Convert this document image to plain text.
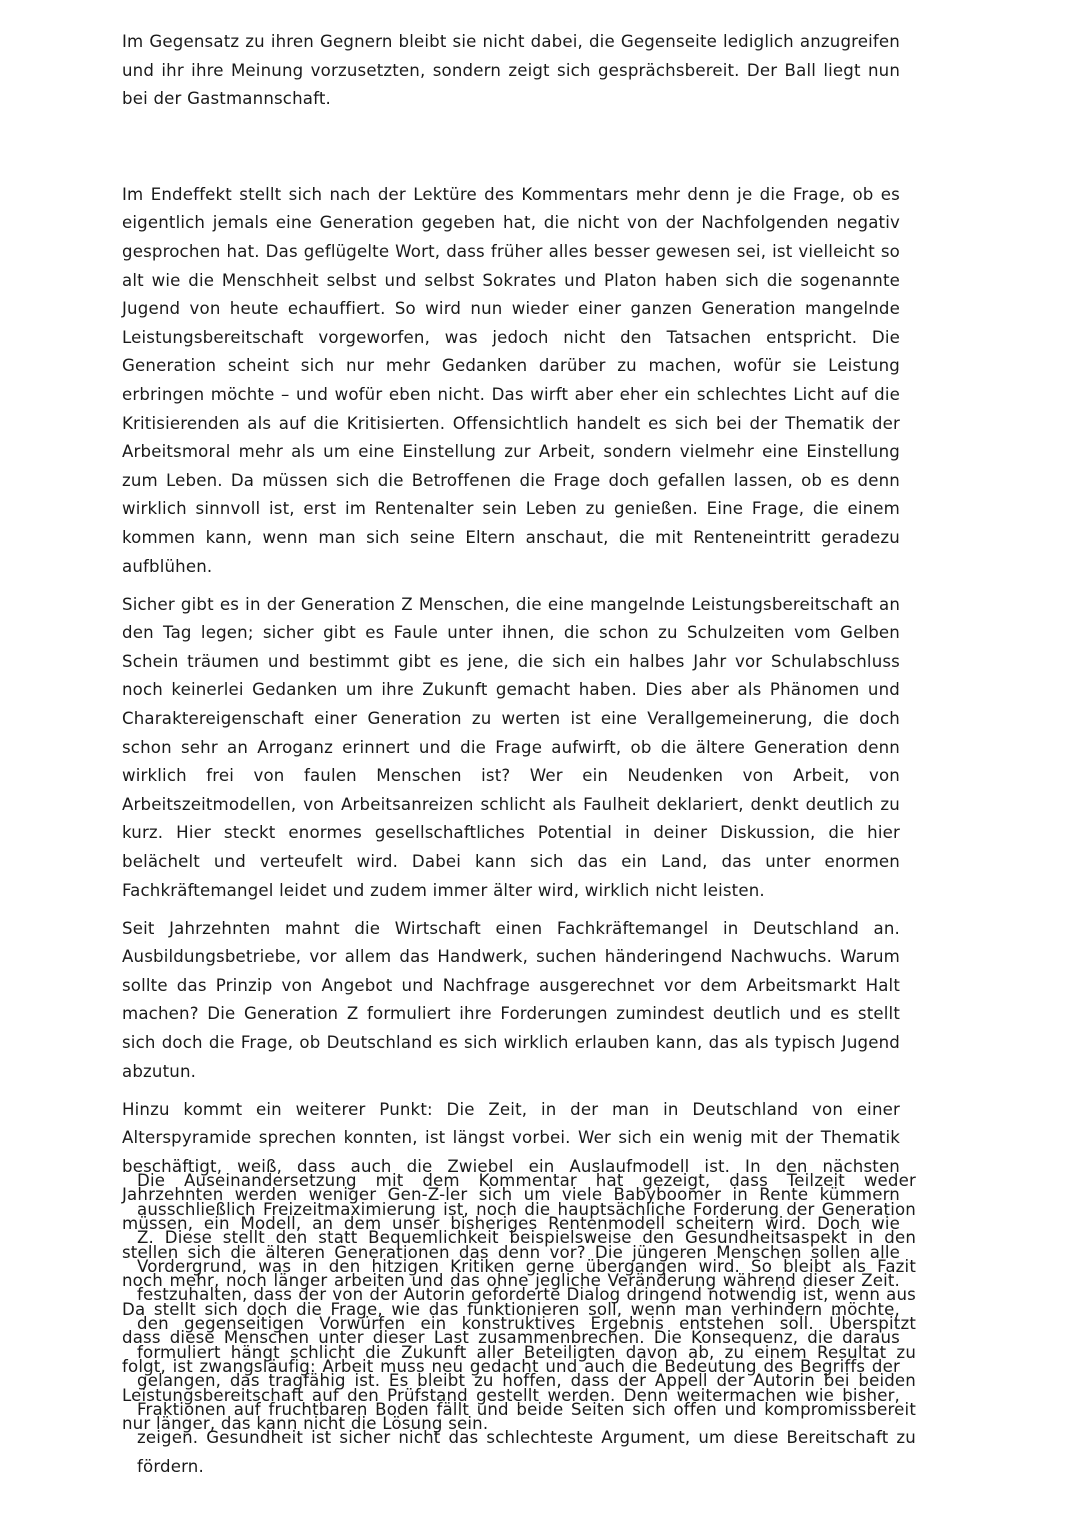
Im Gegensatz zu ihren Gegnern bleibt sie nicht dabei, die Gegenseite lediglich anzugreifen und ihr ihre Meinung vorzusetzten, sondern zeigt sich gesprächsbereit. Der Ball liegt nun bei der Gastmannschaft.

Im Endeffekt stellt sich nach der Lektüre des Kommentars mehr denn je die Frage, ob es eigentlich jemals eine Generation gegeben hat, die nicht von der Nachfolgenden negativ gesprochen hat. Das geflügelte Wort, dass früher alles besser gewesen sei, ist vielleicht so alt wie die Menschheit selbst und selbst Sokrates und Platon haben sich die sogenannte Jugend von heute echauffiert. So wird nun wieder einer ganzen Generation mangelnde Leistungsbereitschaft vorgeworfen, was jedoch nicht den Tatsachen entspricht. Die Generation scheint sich nur mehr Gedanken darüber zu machen, wofür sie Leistung erbringen möchte – und wofür eben nicht. Das wirft aber eher ein schlechtes Licht auf die Kritisierenden als auf die Kritisierten. Offensichtlich handelt es sich bei der Thematik der Arbeitsmoral mehr als um eine Einstellung zur Arbeit, sondern vielmehr eine Einstellung zum Leben. Da müssen sich die Betroffenen die Frage doch gefallen lassen, ob es denn wirklich sinnvoll ist, erst im Rentenalter sein Leben zu genießen. Eine Frage, die einem kommen kann, wenn man sich seine Eltern anschaut, die mit Renteneintritt geradezu aufblühen.

Sicher gibt es in der Generation Z Menschen, die eine mangelnde Leistungsbereitschaft an den Tag legen; sicher gibt es Faule unter ihnen, die schon zu Schulzeiten vom Gelben Schein träumen und bestimmt gibt es jene, die sich ein halbes Jahr vor Schulabschluss noch keinerlei Gedanken um ihre Zukunft gemacht haben. Dies aber als Phänomen und Charaktereigenschaft einer Generation zu werten ist eine Verallgemeinerung, die doch schon sehr an Arroganz erinnert und die Frage aufwirft, ob die ältere Generation denn wirklich frei von faulen Menschen ist? Wer ein Neudenken von Arbeit, von Arbeitszeitmodellen, von Arbeitsanreizen schlicht als Faulheit deklariert, denkt deutlich zu kurz. Hier steckt enormes gesellschaftliches Potential in deiner Diskussion, die hier belächelt und verteufelt wird. Dabei kann sich das ein Land, das unter enormen Fachkräftemangel leidet und zudem immer älter wird, wirklich nicht leisten.

Seit Jahrzehnten mahnt die Wirtschaft einen Fachkräftemangel in Deutschland an. Ausbildungsbetriebe, vor allem das Handwerk, suchen händeringend Nachwuchs. Warum sollte das Prinzip von Angebot und Nachfrage ausgerechnet vor dem Arbeitsmarkt Halt machen? Die Generation Z formuliert ihre Forderungen zumindest deutlich und es stellt sich doch die Frage, ob Deutschland es sich wirklich erlauben kann, das als typisch Jugend abzutun.

Hinzu kommt ein weiterer Punkt: Die Zeit, in der man in Deutschland von einer Alterspyramide sprechen konnten, ist längst vorbei. Wer sich ein wenig mit der Thematik beschäftigt, weiß, dass auch die Zwiebel ein Auslaufmodell ist. In den nächsten Jahrzehnten werden weniger Gen-Z-ler sich um viele Babyboomer in Rente kümmern müssen, ein Modell, an dem unser bisheriges Rentenmodell scheitern wird. Doch wie stellen sich die älteren Generationen das denn vor? Die jüngeren Menschen sollen alle noch mehr, noch länger arbeiten und das ohne jegliche Veränderung während dieser Zeit. Da stellt sich doch die Frage, wie das funktionieren soll, wenn man verhindern möchte, dass diese Menschen unter dieser Last zusammenbrechen. Die Konsequenz, die daraus folgt, ist zwangsläufig: Arbeit muss neu gedacht und auch die Bedeutung des Begriffs der Leistungsbereitschaft auf den Prüfstand gestellt werden. Denn weitermachen wie bisher, nur länger, das kann nicht die Lösung sein.

Die Auseinandersetzung mit dem Kommentar hat gezeigt, dass Teilzeit weder ausschließlich Freizeitmaximierung ist, noch die hauptsächliche Forderung der Generation Z. Diese stellt den statt Bequemlichkeit beispielsweise den Gesundheitsaspekt in den Vordergrund, was in den hitzigen Kritiken gerne übergangen wird. So bleibt als Fazit festzuhalten, dass der von der Autorin geforderte Dialog dringend notwendig ist, wenn aus den gegenseitigen Vorwürfen ein konstruktives Ergebnis entstehen soll. Überspitzt formuliert hängt schlicht die Zukunft aller Beteiligten davon ab, zu einem Resultat zu gelangen, das tragfähig ist. Es bleibt zu hoffen, dass der Appell der Autorin bei beiden Fraktionen auf fruchtbaren Boden fällt und beide Seiten sich offen und kompromissbereit zeigen. Gesundheit ist sicher nicht das schlechteste Argument, um diese Bereitschaft zu fördern.
